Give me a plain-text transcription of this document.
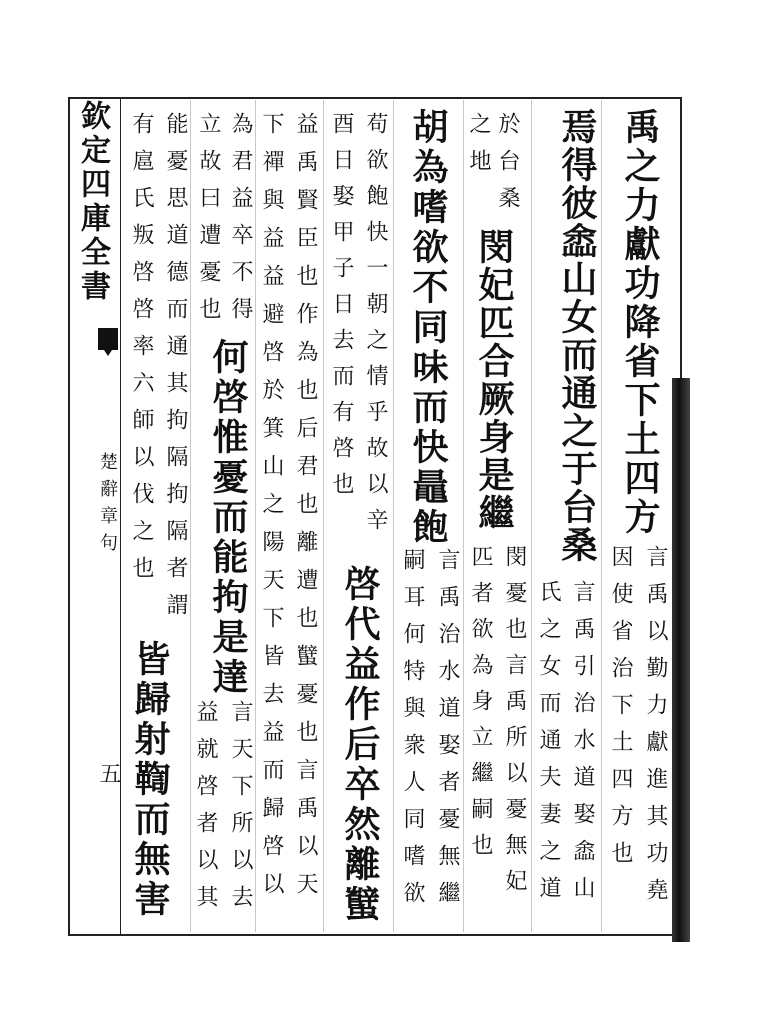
欽定四庫全書
楚辭章句
五
禹之力獻功降省下土四方
言禹以勤力獻進其功堯
因使省治下土四方也
焉得彼嵞山女而通之于台桑
言禹引治水道娶嵞山
氏之女而通夫妻之道
於台桑
之地
閔妃匹合厥身是繼
閔憂也言禹所以憂無妃
匹者欲為身立繼嗣也
胡為嗜欲不同味而快鼂飽
言禹治水道娶者憂無繼
嗣耳何特與衆人同嗜欲
苟欲飽快一朝之情乎故以辛
酉日娶甲子日去而有啓也
啓代益作后卒然離蠥
益禹賢臣也作為也后君也離遭也蠥憂也言禹以天
下禪與益益避啓於箕山之陽天下皆去益而歸啓以
為君益卒不得
立故曰遭憂也
何啓惟憂而能拘是達
言天下所以去
益就啓者以其
能憂思道德而通其拘隔拘隔者謂
有扈氏叛啓啓率六師以伐之也
皆歸射鞫而無害
